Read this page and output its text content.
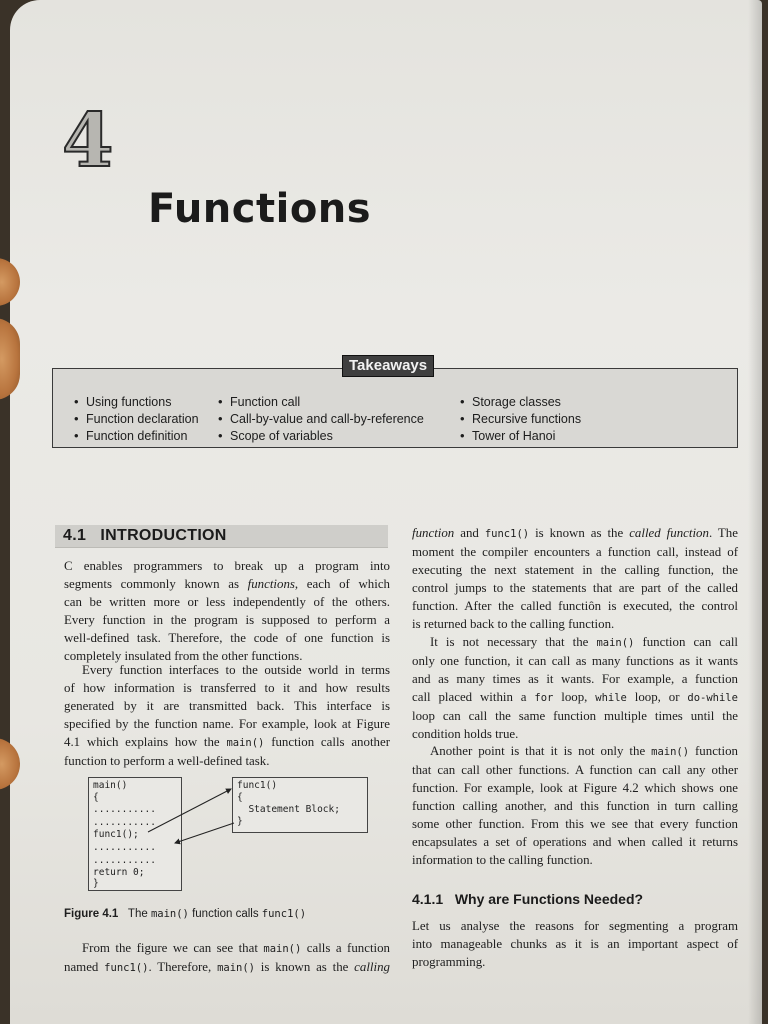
4
Functions
Takeaways
• Using functions
• Function declaration
• Function definition
• Function call
• Call-by-value and call-by-reference
• Scope of variables
• Storage classes
• Recursive functions
• Tower of Hanoi
4.1 INTRODUCTION
C enables programmers to break up a program into
segments commonly known as functions, each of which
can be written more or less independently of the others.
Every function in the program is supposed to perform a
well-defined task. Therefore, the code of one function is
completely insulated from the other functions.
Every function interfaces to the outside world in terms
of how information is transferred to it and how results
generated by it are transmitted back. This interface is
specified by the function name. For example, look at Figure
4.1 which explains how the main() function calls another
function to perform a well-defined task.
main()
{
...........
...........
func1();
...........
...........
return 0;
}
func1()
{
Statement Block;
}
Figure 4.1 The main() function calls func1()
From the figure we can see that main() calls a function
named func1(). Therefore, main() is known as the calling
function and func1() is known as the called function. The
moment the compiler encounters a function call, instead of
executing the next statement in the calling function, the
control jumps to the statements that are part of the called
function. After the called functiôn is executed, the control
is returned back to the calling function.
It is not necessary that the main() function can call
only one function, it can call as many functions as it wants
and as many times as it wants. For example, a function
call placed within a for loop, while loop, or do-while
loop can call the same function multiple times until the
condition holds true.
Another point is that it is not only the main() function
that can call other functions. A function can call any other
function. For example, look at Figure 4.2 which shows one
function calling another, and this function in turn calling
some other function. From this we see that every function
encapsulates a set of operations and when called it returns
information to the calling function.
4.1.1 Why are Functions Needed?
Let us analyse the reasons for segmenting a program
into manageable chunks as it is an important aspect of
programming.
